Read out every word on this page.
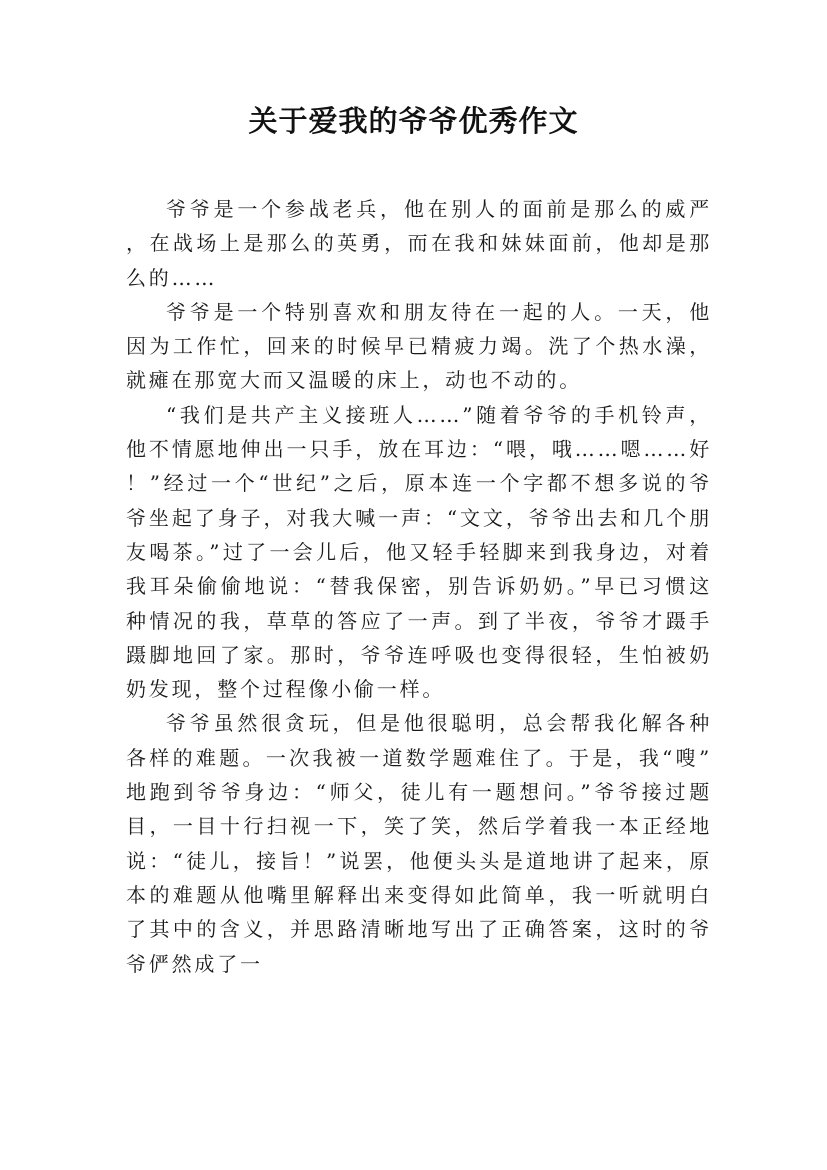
关于爱我的爷爷优秀作文

爷爷是一个参战老兵，他在别人的面前是那么的威严，在战场上是那么的英勇，而在我和妹妹面前，他却是那么的……

爷爷是一个特别喜欢和朋友待在一起的人。一天，他因为工作忙，回来的时候早已精疲力竭。洗了个热水澡，就瘫在那宽大而又温暖的床上，动也不动的。

“我们是共产主义接班人……”随着爷爷的手机铃声，他不情愿地伸出一只手，放在耳边：“喂，哦……嗯……好！”经过一个“世纪”之后，原本连一个字都不想多说的爷爷坐起了身子，对我大喊一声：“文文，爷爷出去和几个朋友喝茶。”过了一会儿后，他又轻手轻脚来到我身边，对着我耳朵偷偷地说：“替我保密，别告诉奶奶。”早已习惯这种情况的我，草草的答应了一声。到了半夜，爷爷才蹑手蹑脚地回了家。那时，爷爷连呼吸也变得很轻，生怕被奶奶发现，整个过程像小偷一样。

爷爷虽然很贪玩，但是他很聪明，总会帮我化解各种各样的难题。一次我被一道数学题难住了。于是，我“嗖”地跑到爷爷身边：“师父，徒儿有一题想问。”爷爷接过题目，一目十行扫视一下，笑了笑，然后学着我一本正经地说：“徒儿，接旨！”说罢，他便头头是道地讲了起来，原本的难题从他嘴里解释出来变得如此简单，我一听就明白了其中的含义，并思路清晰地写出了正确答案，这时的爷爷俨然成了一
